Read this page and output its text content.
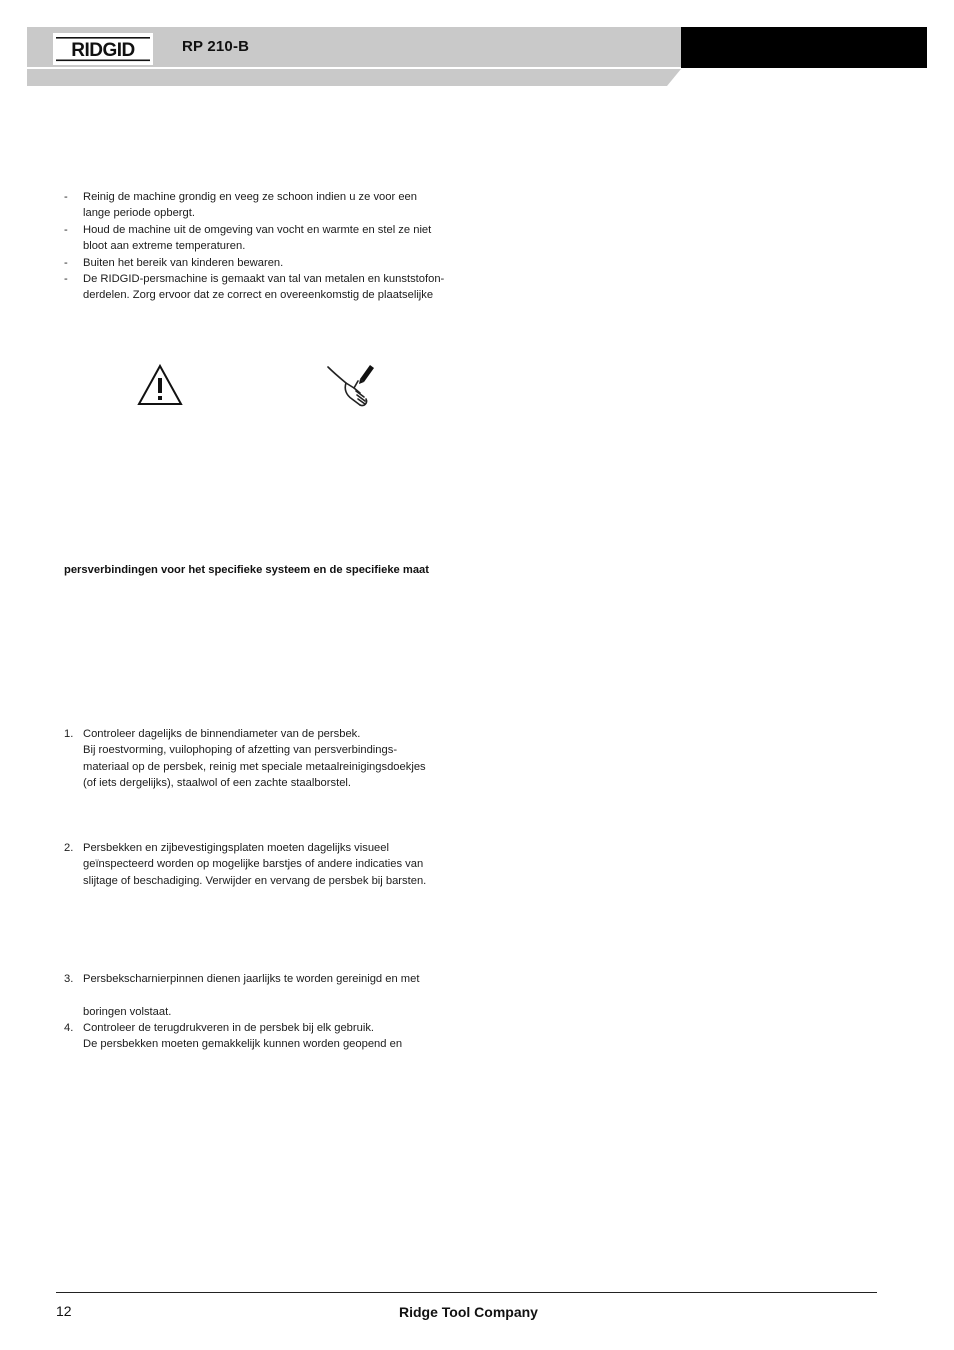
RIDGID	RP 210-B
- Reinig de machine grondig en veeg ze schoon indien u ze voor een
lange periode opbergt.
- Houd de machine uit de omgeving van vocht en warmte en stel ze niet
bloot aan extreme temperaturen.
- Buiten het bereik van kinderen bewaren.
- De RIDGID-persmachine is gemaakt van tal van metalen en kunststofon-
derdelen. Zorg ervoor dat ze correct en overeenkomstig de plaatselijke
persverbindingen voor het specifieke systeem en de specifieke maat
1. Controleer dagelijks de binnendiameter van de persbek.
Bij roestvorming, vuilophoping of afzetting van persverbindings-
materiaal op de persbek, reinig met speciale metaalreinigingsdoekjes
(of iets dergelijks), staalwol of een zachte staalborstel.
2. Persbekken en zijbevestigingsplaten moeten dagelijks visueel
geïnspecteerd worden op mogelijke barstjes of andere indicaties van
slijtage of beschadiging. Verwijder en vervang de persbek bij barsten.
3. Persbekscharnierpinnen dienen jaarlijks te worden gereinigd en met
boringen volstaat.
4. Controleer de terugdrukveren in de persbek bij elk gebruik.
De persbekken moeten gemakkelijk kunnen worden geopend en
12	Ridge Tool Company
